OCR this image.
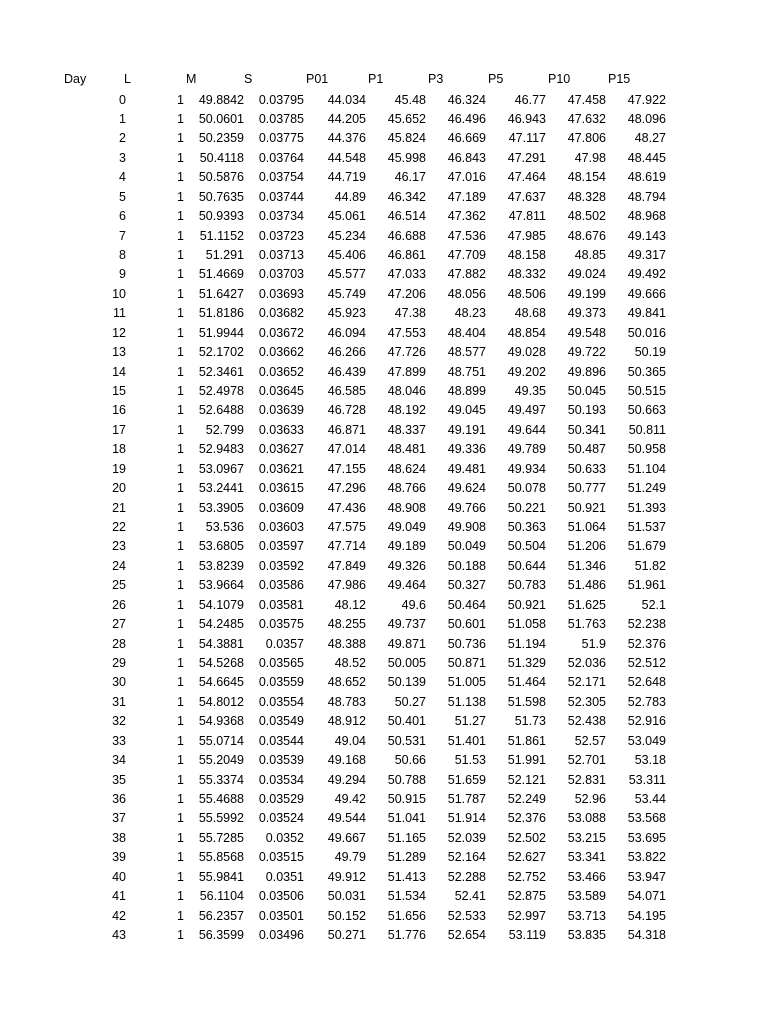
Day	L	M	S	P01	P1	P3	P5	P10	P15
0	1	49.8842	0.03795	44.034	45.48	46.324	46.77	47.458	47.922
1	1	50.0601	0.03785	44.205	45.652	46.496	46.943	47.632	48.096
2	1	50.2359	0.03775	44.376	45.824	46.669	47.117	47.806	48.27
3	1	50.4118	0.03764	44.548	45.998	46.843	47.291	47.98	48.445
4	1	50.5876	0.03754	44.719	46.17	47.016	47.464	48.154	48.619
5	1	50.7635	0.03744	44.89	46.342	47.189	47.637	48.328	48.794
6	1	50.9393	0.03734	45.061	46.514	47.362	47.811	48.502	48.968
7	1	51.1152	0.03723	45.234	46.688	47.536	47.985	48.676	49.143
8	1	51.291	0.03713	45.406	46.861	47.709	48.158	48.85	49.317
9	1	51.4669	0.03703	45.577	47.033	47.882	48.332	49.024	49.492
10	1	51.6427	0.03693	45.749	47.206	48.056	48.506	49.199	49.666
11	1	51.8186	0.03682	45.923	47.38	48.23	48.68	49.373	49.841
12	1	51.9944	0.03672	46.094	47.553	48.404	48.854	49.548	50.016
13	1	52.1702	0.03662	46.266	47.726	48.577	49.028	49.722	50.19
14	1	52.3461	0.03652	46.439	47.899	48.751	49.202	49.896	50.365
15	1	52.4978	0.03645	46.585	48.046	48.899	49.35	50.045	50.515
16	1	52.6488	0.03639	46.728	48.192	49.045	49.497	50.193	50.663
17	1	52.799	0.03633	46.871	48.337	49.191	49.644	50.341	50.811
18	1	52.9483	0.03627	47.014	48.481	49.336	49.789	50.487	50.958
19	1	53.0967	0.03621	47.155	48.624	49.481	49.934	50.633	51.104
20	1	53.2441	0.03615	47.296	48.766	49.624	50.078	50.777	51.249
21	1	53.3905	0.03609	47.436	48.908	49.766	50.221	50.921	51.393
22	1	53.536	0.03603	47.575	49.049	49.908	50.363	51.064	51.537
23	1	53.6805	0.03597	47.714	49.189	50.049	50.504	51.206	51.679
24	1	53.8239	0.03592	47.849	49.326	50.188	50.644	51.346	51.82
25	1	53.9664	0.03586	47.986	49.464	50.327	50.783	51.486	51.961
26	1	54.1079	0.03581	48.12	49.6	50.464	50.921	51.625	52.1
27	1	54.2485	0.03575	48.255	49.737	50.601	51.058	51.763	52.238
28	1	54.3881	0.0357	48.388	49.871	50.736	51.194	51.9	52.376
29	1	54.5268	0.03565	48.52	50.005	50.871	51.329	52.036	52.512
30	1	54.6645	0.03559	48.652	50.139	51.005	51.464	52.171	52.648
31	1	54.8012	0.03554	48.783	50.27	51.138	51.598	52.305	52.783
32	1	54.9368	0.03549	48.912	50.401	51.27	51.73	52.438	52.916
33	1	55.0714	0.03544	49.04	50.531	51.401	51.861	52.57	53.049
34	1	55.2049	0.03539	49.168	50.66	51.53	51.991	52.701	53.18
35	1	55.3374	0.03534	49.294	50.788	51.659	52.121	52.831	53.311
36	1	55.4688	0.03529	49.42	50.915	51.787	52.249	52.96	53.44
37	1	55.5992	0.03524	49.544	51.041	51.914	52.376	53.088	53.568
38	1	55.7285	0.0352	49.667	51.165	52.039	52.502	53.215	53.695
39	1	55.8568	0.03515	49.79	51.289	52.164	52.627	53.341	53.822
40	1	55.9841	0.0351	49.912	51.413	52.288	52.752	53.466	53.947
41	1	56.1104	0.03506	50.031	51.534	52.41	52.875	53.589	54.071
42	1	56.2357	0.03501	50.152	51.656	52.533	52.997	53.713	54.195
43	1	56.3599	0.03496	50.271	51.776	52.654	53.119	53.835	54.318
